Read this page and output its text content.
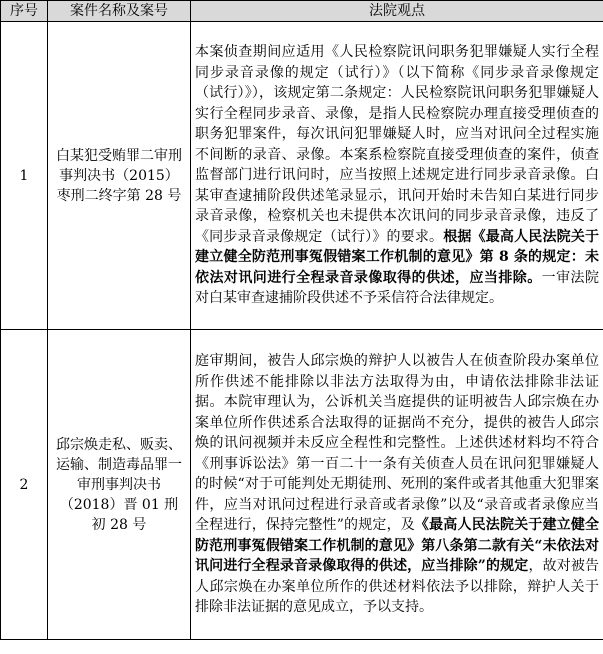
序号	案件名称及案号	法院观点
1	白某犯受贿罪二审刑事判决书（2015）枣刑二终字第 28 号	本案侦查期间应适用《人民检察院讯问职务犯罪嫌疑人实行全程同步录音录像的规定（试行）》（以下简称《同步录音录像规定（试行）》），该规定第二条规定：人民检察院讯问职务犯罪嫌疑人实行全程同步录音、录像，是指人民检察院办理直接受理侦查的职务犯罪案件，每次讯问犯罪嫌疑人时，应当对讯问全过程实施不间断的录音、录像。本案系检察院直接受理侦查的案件，侦查监督部门进行讯问时，应当按照上述规定进行同步录音录像。白某审查逮捕阶段供述笔录显示，讯问开始时未告知白某进行同步录音录像，检察机关也未提供本次讯问的同步录音录像，违反了《同步录音录像规定（试行）》的要求。根据《最高人民法院关于建立健全防范刑事冤假错案工作机制的意见》第 8 条的规定：未依法对讯问进行全程录音录像取得的供述，应当排除。一审法院对白某审查逮捕阶段供述不予采信符合法律规定。
2	邱宗焕走私、贩卖、运输、制造毒品罪一审刑事判决书（2018）晋 01 刑初 28 号	庭审期间，被告人邱宗焕的辩护人以被告人在侦查阶段办案单位所作供述不能排除以非法方法取得为由，申请依法排除非法证据。本院审理认为，公诉机关当庭提供的证明被告人邱宗焕在办案单位所作供述系合法取得的证据尚不充分，提供的被告人邱宗焕的讯问视频并未反应全程性和完整性。上述供述材料均不符合《刑事诉讼法》第一百二十一条有关侦查人员在讯问犯罪嫌疑人的时候“对于可能判处无期徒刑、死刑的案件或者其他重大犯罪案件，应当对讯问过程进行录音或者录像”以及“录音或者录像应当全程进行，保持完整性”的规定，及《最高人民法院关于建立健全防范刑事冤假错案工作机制的意见》第八条第二款有关“未依法对讯问进行全程录音录像取得的供述，应当排除”的规定，故对被告人邱宗焕在办案单位所作的供述材料依法予以排除，辩护人关于排除非法证据的意见成立，予以支持。
